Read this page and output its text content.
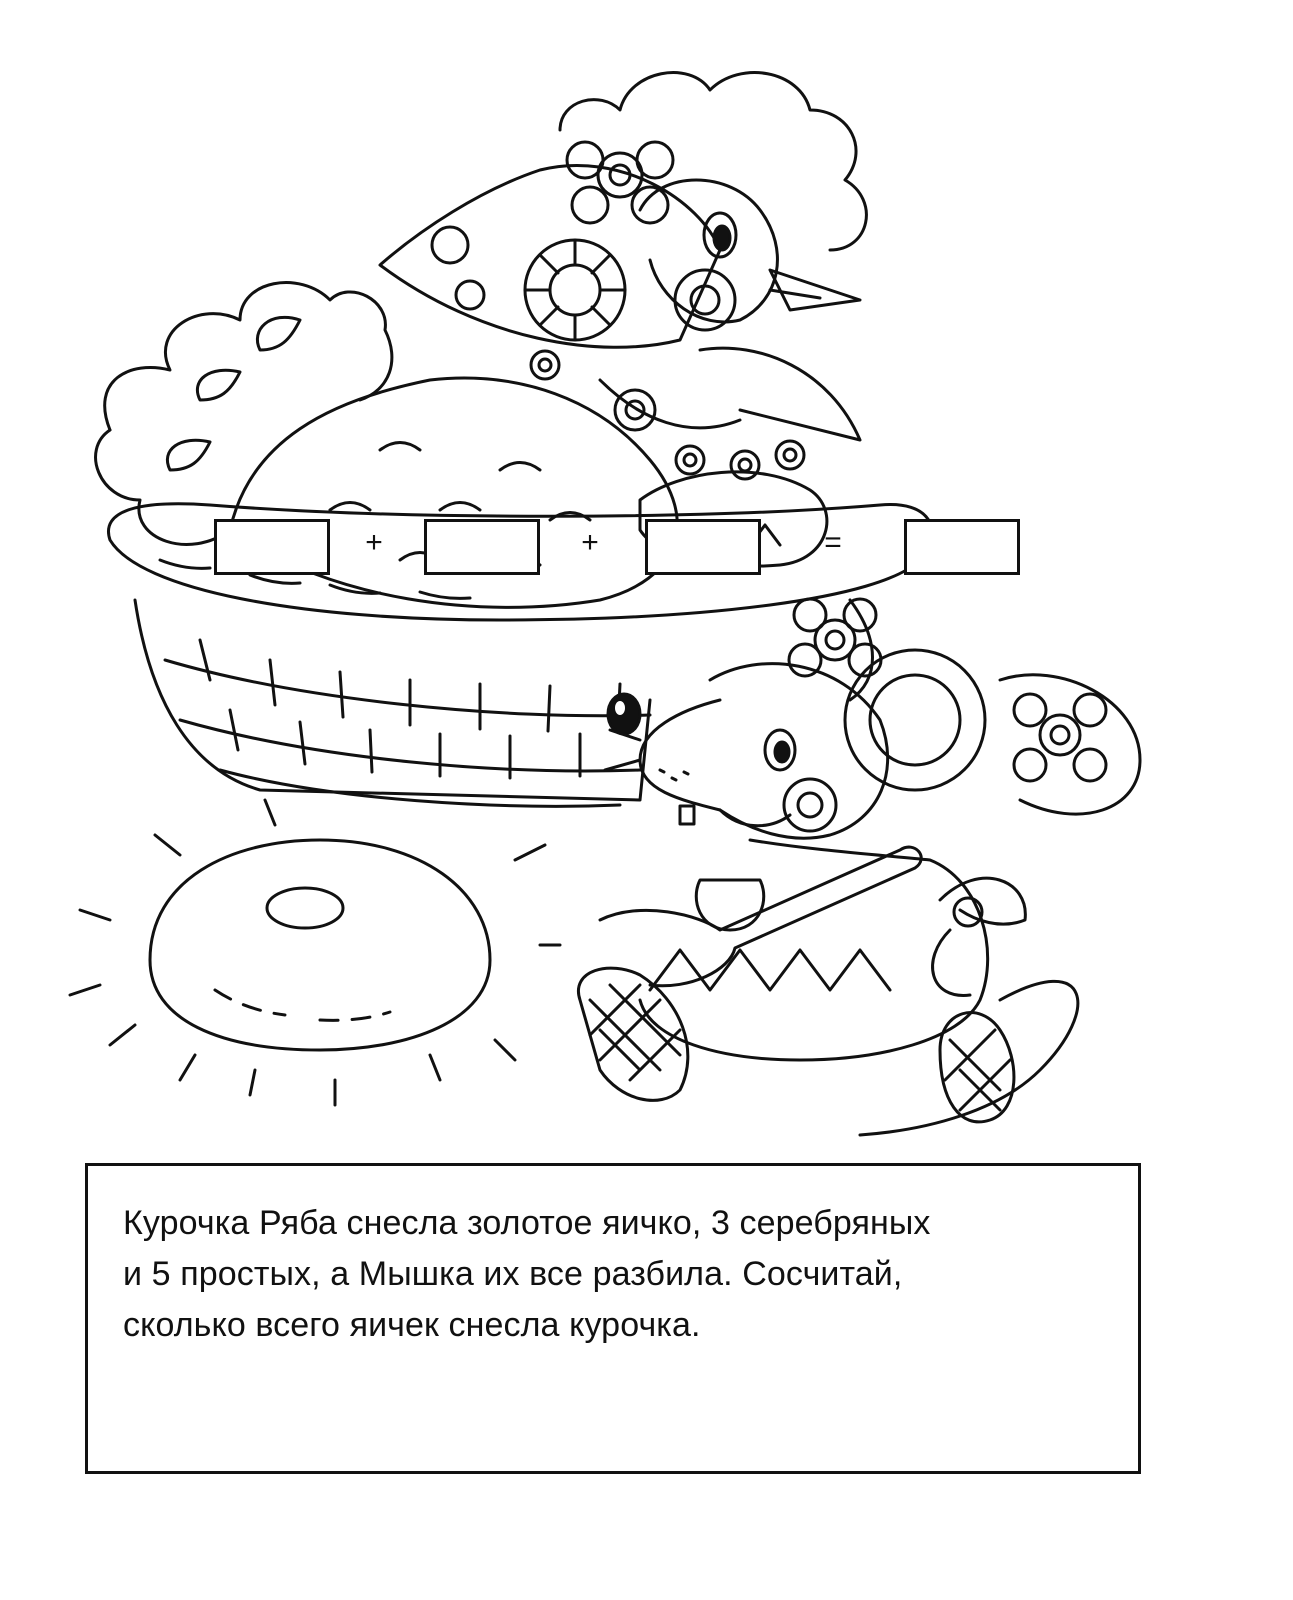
Курочка Ряба снесла золотое яичко, 3 серебряных
и 5 простых, а Мышка их все разбила. Сосчитай,
сколько всего яичек снесла курочка.

+	+	=
